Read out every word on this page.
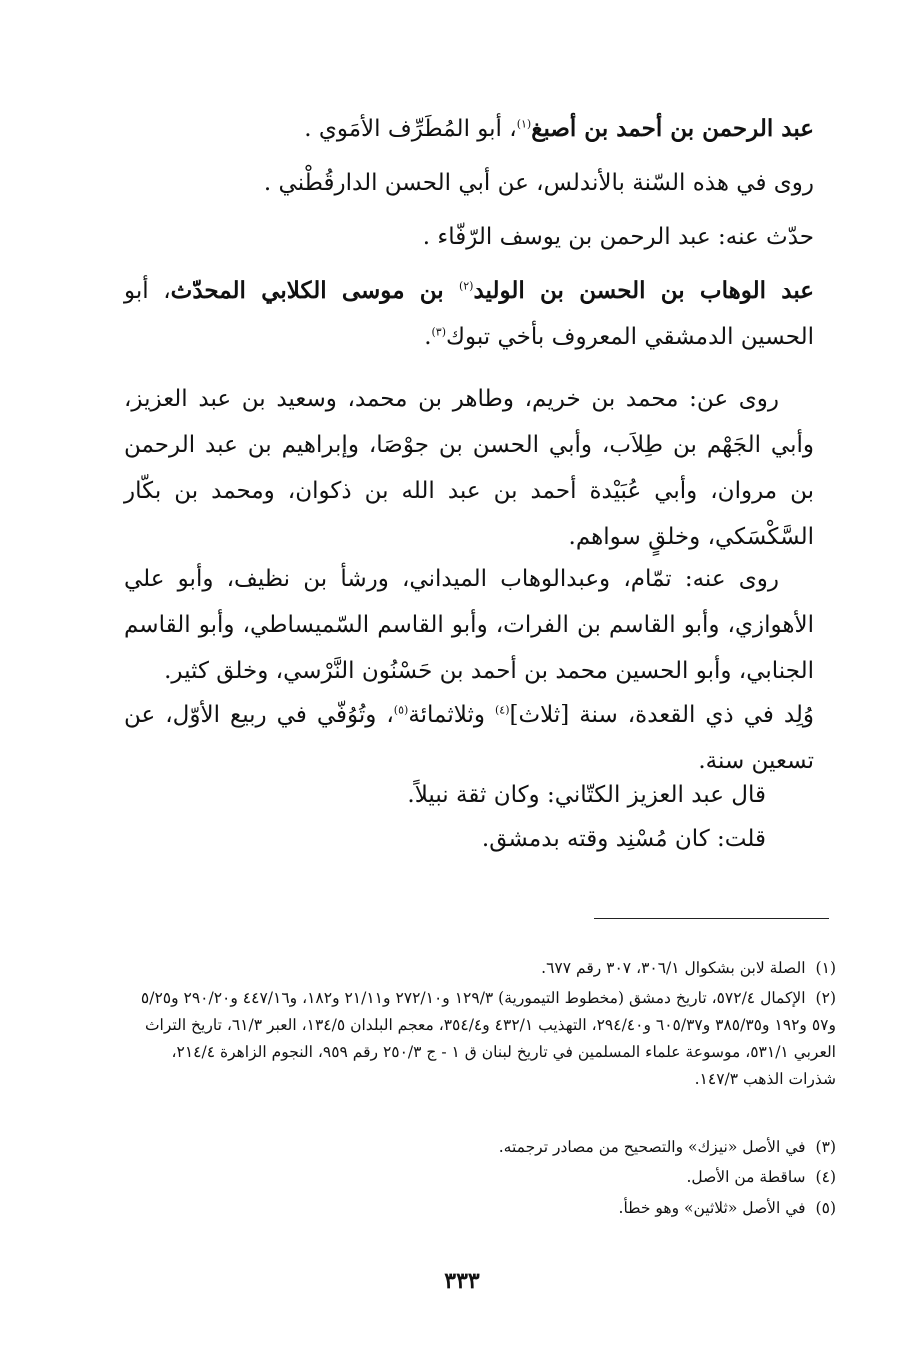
عبد الرحمن بن أحمد بن أصبغ$^{(١)}$، أبو المُطَرِّف الأمَوي .
روى في هذه السّنة بالأندلس، عن أبي الحسن الدارقُطْني .
حدّث عنه: عبد الرحمن بن يوسف الرّفّاء .

عبد الوهاب بن الحسن بن الوليد$^{(٢)}$ بن موسى الكلابي المحدّث، أبو الحسين الدمشقي المعروف بأخي تبوك$^{(٣)}$.

روى عن: محمد بن خريم، وطاهر بن محمد، وسعيد بن عبد العزيز، وأبي الجَهْم بن طِلاَب، وأبي الحسن بن جوْصَا، وإبراهيم بن عبد الرحمن بن مروان، وأبي عُبَيْدة أحمد بن عبد الله بن ذكوان، ومحمد بن بكّار السَّكْسَكي، وخلقٍ سواهم.

روى عنه: تمّام، وعبدالوهاب الميداني، ورشأ بن نظيف، وأبو علي الأهوازي، وأبو القاسم بن الفرات، وأبو القاسم السّميساطي، وأبو القاسم الجنابي، وأبو الحسين محمد بن أحمد بن حَسْنُون النَّرْسي، وخلق كثير.

وُلِد في ذي القعدة، سنة [ثلاث]$^{(٤)}$ وثلاثمائة$^{(٥)}$، وتُوُفّي في ربيع الأوّل، عن تسعين سنة.

قال عبد العزيز الكتّاني: وكان ثقة نبيلاً.
قلت: كان مُسْنِد وقته بدمشق.
(١)الصلة لابن بشكوال ٣٠٦/١، ٣٠٧ رقم ٦٧٧.
(٢)الإكمال ٥٧٢/٤، تاريخ دمشق (مخطوط التيمورية) ١٢٩/٣ و٢٧٢/١٠ و٢١/١١ و١٨٢، و٤٤٧/١٦ و٢٩٠/٢٠ و٥/٢٥ و٥٧ و١٩٢ و٣٨٥/٣٥ و٦٠٥/٣٧ و٢٩٤/٤٠، التهذيب ٤٣٢/١ و٣٥٤/٤، معجم البلدان ١٣٤/٥، العبر ٦١/٣، تاريخ التراث العربي ٥٣١/١، موسوعة علماء المسلمين في تاريخ لبنان ق ١ - ج ٢٥٠/٣ رقم ٩٥٩، النجوم الزاهرة ٢١٤/٤، شذرات الذهب ١٤٧/٣.
(٣)في الأصل «نيزك» والتصحيح من مصادر ترجمته.
(٤)ساقطة من الأصل.
(٥)في الأصل «ثلاثين» وهو خطأ.
٣٣٣
